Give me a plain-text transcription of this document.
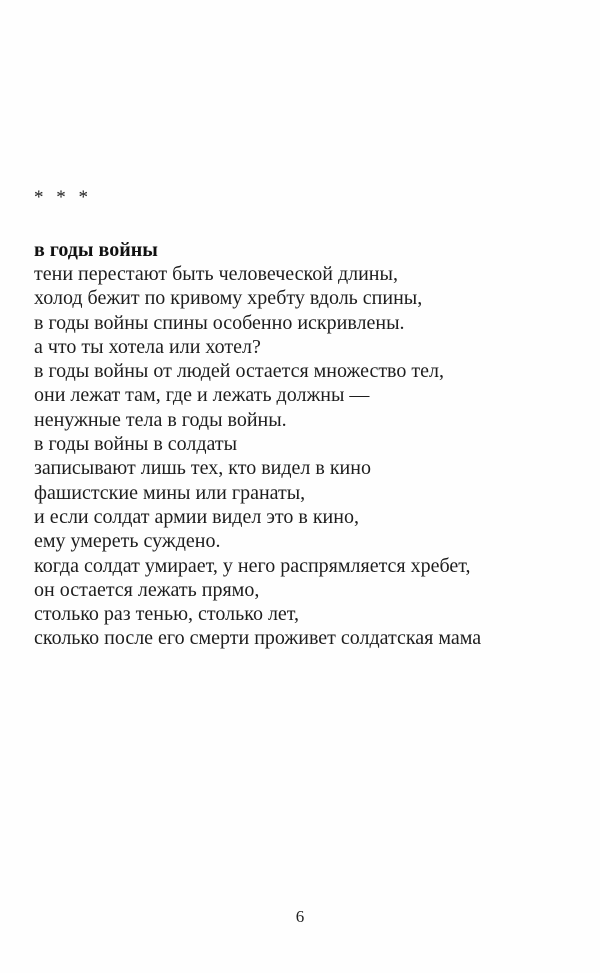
* * *
в годы войны
тени перестают быть человеческой длины,
холод бежит по кривому хребту вдоль спины,
в годы войны спины особенно искривлены.
а что ты хотела или хотел?
в годы войны от людей остается множество тел,
они лежат там, где и лежать должны —
ненужные тела в годы войны.
в годы войны в солдаты
записывают лишь тех, кто видел в кино
фашистские мины или гранаты,
и если солдат армии видел это в кино,
ему умереть суждено.
когда солдат умирает, у него распрямляется хребет,
он остается лежать прямо,
столько раз тенью, столько лет,
сколько после его смерти проживет солдатская мама
6
